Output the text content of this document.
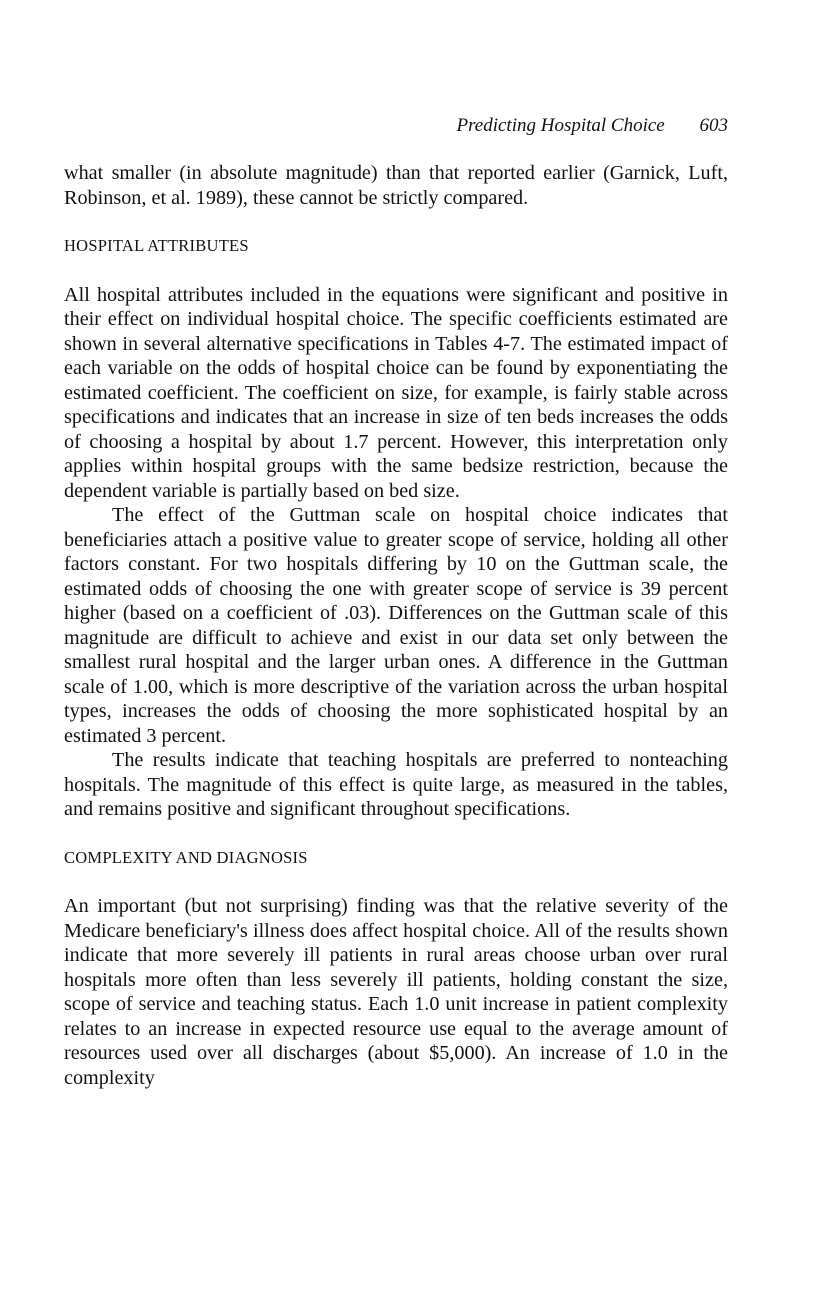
Predicting Hospital Choice 603

what smaller (in absolute magnitude) than that reported earlier (Garnick, Luft, Robinson, et al. 1989), these cannot be strictly compared.

HOSPITAL ATTRIBUTES

All hospital attributes included in the equations were significant and positive in their effect on individual hospital choice. The specific coefficients estimated are shown in several alternative specifications in Tables 4-7. The estimated impact of each variable on the odds of hospital choice can be found by exponentiating the estimated coefficient. The coefficient on size, for example, is fairly stable across specifications and indicates that an increase in size of ten beds increases the odds of choosing a hospital by about 1.7 percent. However, this interpretation only applies within hospital groups with the same bedsize restriction, because the dependent variable is partially based on bed size.

The effect of the Guttman scale on hospital choice indicates that beneficiaries attach a positive value to greater scope of service, holding all other factors constant. For two hospitals differing by 10 on the Guttman scale, the estimated odds of choosing the one with greater scope of service is 39 percent higher (based on a coefficient of .03). Differences on the Guttman scale of this magnitude are difficult to achieve and exist in our data set only between the smallest rural hospital and the larger urban ones. A difference in the Guttman scale of 1.00, which is more descriptive of the variation across the urban hospital types, increases the odds of choosing the more sophisticated hospital by an estimated 3 percent.

The results indicate that teaching hospitals are preferred to nonteaching hospitals. The magnitude of this effect is quite large, as measured in the tables, and remains positive and significant throughout specifications.

COMPLEXITY AND DIAGNOSIS

An important (but not surprising) finding was that the relative severity of the Medicare beneficiary's illness does affect hospital choice. All of the results shown indicate that more severely ill patients in rural areas choose urban over rural hospitals more often than less severely ill patients, holding constant the size, scope of service and teaching status. Each 1.0 unit increase in patient complexity relates to an increase in expected resource use equal to the average amount of resources used over all discharges (about $5,000). An increase of 1.0 in the complexity
